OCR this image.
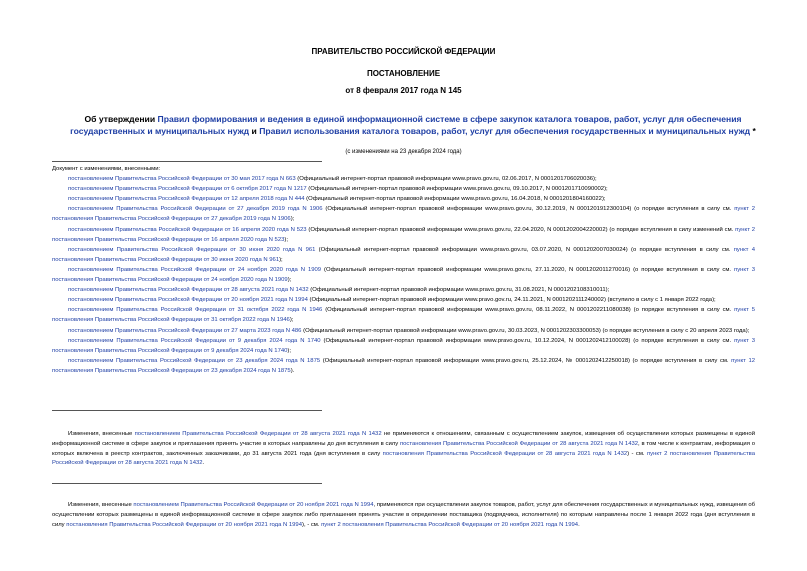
ПРАВИТЕЛЬСТВО РОССИЙСКОЙ ФЕДЕРАЦИИ
ПОСТАНОВЛЕНИЕ
от 8 февраля 2017 года N 145
Об утверждении Правил формирования и ведения в единой информационной системе в сфере закупок каталога товаров, работ, услуг для обеспечения государственных и муниципальных нужд и Правил использования каталога товаров, работ, услуг для обеспечения государственных и муниципальных нужд *
(с изменениями на 23 декабря 2024 года)

Документ с изменениями, внесенными:

постановлением Правительства Российской Федерации от 30 мая 2017 года N 663 (Официальный интернет-портал правовой информации www.pravo.gov.ru, 02.06.2017, N 0001201706020036);

постановлением Правительства Российской Федерации от 6 октября 2017 года N 1217 (Официальный интернет-портал правовой информации www.pravo.gov.ru, 09.10.2017, N 0001201710090002);

постановлением Правительства Российской Федерации от 12 апреля 2018 года N 444 (Официальный интернет-портал правовой информации www.pravo.gov.ru, 16.04.2018, N 0001201804160022);

постановлением Правительства Российской Федерации от 27 декабря 2019 года N 1906 (Официальный интернет-портал правовой информации www.pravo.gov.ru, 30.12.2019, N 0001201912300104) (о порядке вступления в силу см. пункт 2 постановления Правительства Российской Федерации от 27 декабря 2019 года N 1906);

постановлением Правительства Российской Федерации от 16 апреля 2020 года N 523 (Официальный интернет-портал правовой информации www.pravo.gov.ru, 22.04.2020, N 0001202004220002) (о порядке вступления в силу изменений см. пункт 2 постановления Правительства Российской Федерации от 16 апреля 2020 года N 523);

постановлением Правительства Российской Федерации от 30 июня 2020 года N 961 (Официальный интернет-портал правовой информации www.pravo.gov.ru, 03.07.2020, N 0001202007030024) (о порядке вступления в силу см. пункт 4 постановления Правительства Российской Федерации от 30 июня 2020 года N 961);

постановлением Правительства Российской Федерации от 24 ноября 2020 года N 1909 (Официальный интернет-портал правовой информации www.pravo.gov.ru, 27.11.2020, N 0001202011270016) (о порядке вступления в силу см. пункт 3 постановления Правительства Российской Федерации от 24 ноября 2020 года N 1909);

постановлением Правительства Российской Федерации от 28 августа 2021 года N 1432 (Официальный интернет-портал правовой информации www.pravo.gov.ru, 31.08.2021, N 0001202108310011);

постановлением Правительства Российской Федерации от 20 ноября 2021 года N 1994 (Официальный интернет-портал правовой информации www.pravo.gov.ru, 24.11.2021, N 0001202111240002) (вступило в силу с 1 января 2022 года);

постановлением Правительства Российской Федерации от 31 октября 2022 года N 1946 (Официальный интернет-портал правовой информации www.pravo.gov.ru, 08.11.2022, N 0001202211080038) (о порядке вступления в силу см. пункт 5 постановления Правительства Российской Федерации от 31 октября 2022 года N 1946);

постановлением Правительства Российской Федерации от 27 марта 2023 года N 486 (Официальный интернет-портал правовой информации www.pravo.gov.ru, 30.03.2023, N 0001202303300053) (о порядке вступления в силу с 20 апреля 2023 года);

постановлением Правительства Российской Федерации от 9 декабря 2024 года N 1740 (Официальный интернет-портал правовой информации www.pravo.gov.ru, 10.12.2024, N 0001202412100028) (о порядке вступления в силу см. пункт 3 постановления Правительства Российской Федерации от 9 декабря 2024 года N 1740);

постановлением Правительства Российской Федерации от 23 декабря 2024 года N 1875 (Официальный интернет-портал правовой информации www.pravo.gov.ru, 25.12.2024, № 0001202412250018) (о порядке вступления в силу см. пункт 12 постановления Правительства Российской Федерации от 23 декабря 2024 года N 1875).

Изменения, внесенные постановлением Правительства Российской Федерации от 28 августа 2021 года N 1432 не применяются к отношениям, связанным с осуществлением закупок, извещения об осуществлении которых размещены в единой информационной системе в сфере закупок и приглашения принять участие в которых направлены до дня вступления в силу постановления Правительства Российской Федерации от 28 августа 2021 года N 1432, в том числе к контрактам, информация о которых включена в реестр контрактов, заключенных заказчиками, до 31 августа 2021 года (дня вступления в силу постановления Правительства Российской Федерации от 28 августа 2021 года N 1432) - см. пункт 2 постановления Правительства Российской Федерации от 28 августа 2021 года N 1432.

Изменения, внесенные постановлением Правительства Российской Федерации от 20 ноября 2021 года N 1994, применяются при осуществлении закупок товаров, работ, услуг для обеспечения государственных и муниципальных нужд, извещения об осуществлении которых размещены в единой информационной системе в сфере закупок либо приглашения принять участие в определении поставщика (подрядчика, исполнителя) по которым направлены после 1 января 2022 года (дня вступления в силу постановления Правительства Российской Федерации от 20 ноября 2021 года N 1994), - см. пункт 2 постановления Правительства Российской Федерации от 20 ноября 2021 года N 1994.
